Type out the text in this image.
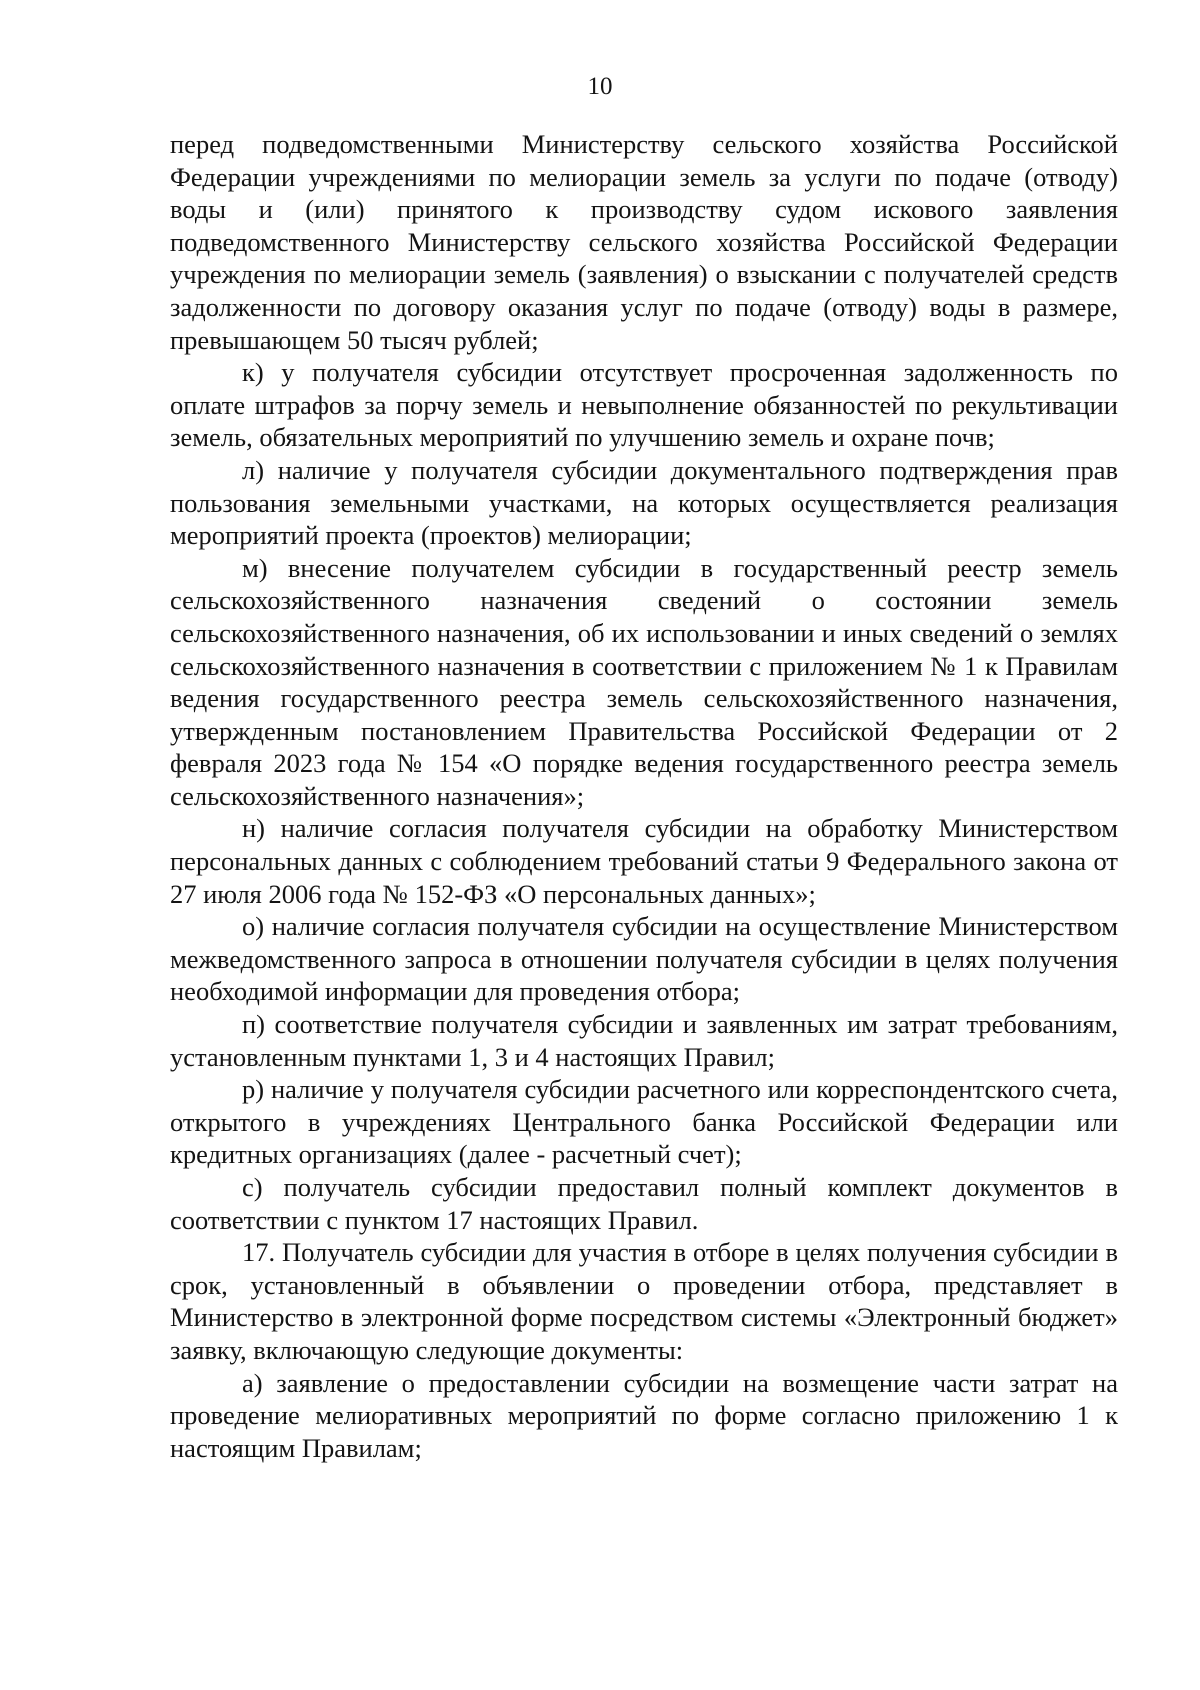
10

перед подведомственными Министерству сельского хозяйства Российской Федерации учреждениями по мелиорации земель за услуги по подаче (отводу) воды и (или) принятого к производству судом искового заявления подведомственного Министерству сельского хозяйства Российской Федерации учреждения по мелиорации земель (заявления) о взыскании с получателей средств задолженности по договору оказания услуг по подаче (отводу) воды в размере, превышающем 50 тысяч рублей;

к) у получателя субсидии отсутствует просроченная задолженность по оплате штрафов за порчу земель и невыполнение обязанностей по рекультивации земель, обязательных мероприятий по улучшению земель и охране почв;

л) наличие у получателя субсидии документального подтверждения прав пользования земельными участками, на которых осуществляется реализация мероприятий проекта (проектов) мелиорации;

м) внесение получателем субсидии в государственный реестр земель сельскохозяйственного назначения сведений о состоянии земель сельскохозяйственного назначения, об их использовании и иных сведений о землях сельскохозяйственного назначения в соответствии с приложением № 1 к Правилам ведения государственного реестра земель сельскохозяйственного назначения, утвержденным постановлением Правительства Российской Федерации от 2 февраля 2023 года № 154 «О порядке ведения государственного реестра земель сельскохозяйственного назначения»;

н) наличие согласия получателя субсидии на обработку Министерством персональных данных с соблюдением требований статьи 9 Федерального закона от 27 июля 2006 года № 152-ФЗ «О персональных данных»;

о) наличие согласия получателя субсидии на осуществление Министерством межведомственного запроса в отношении получателя субсидии в целях получения необходимой информации для проведения отбора;

п) соответствие получателя субсидии и заявленных им затрат требованиям, установленным пунктами 1, 3 и 4 настоящих Правил;

р) наличие у получателя субсидии расчетного или корреспондентского счета, открытого в учреждениях Центрального банка Российской Федерации или кредитных организациях (далее - расчетный счет);

с) получатель субсидии предоставил полный комплект документов в соответствии с пунктом 17 настоящих Правил.

17. Получатель субсидии для участия в отборе в целях получения субсидии в срок, установленный в объявлении о проведении отбора, представляет в Министерство в электронной форме посредством системы «Электронный бюджет» заявку, включающую следующие документы:

а) заявление о предоставлении субсидии на возмещение части затрат на проведение мелиоративных мероприятий по форме согласно приложению 1 к настоящим Правилам;
